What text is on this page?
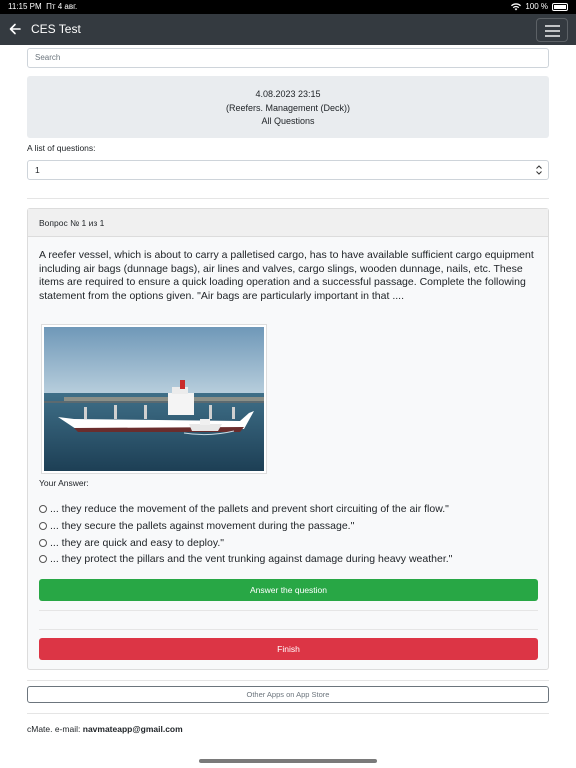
11:15 PM Пт 4 авг.	100 %
CES Test
Search
4.08.2023 23:15
(Reefers. Management (Deck))
All Questions
A list of questions:
1
Вопрос № 1 из 1
A reefer vessel, which is about to carry a palletised cargo, has to have available sufficient cargo equipment including air bags (dunnage bags), air lines and valves, cargo slings, wooden dunnage, nails, etc. These items are required to ensure a quick loading operation and a successful passage. Complete the following statement from the options given. "Air bags are particularly important in that ....
Your Answer:
... they reduce the movement of the pallets and prevent short circuiting of the air flow."
... they secure the pallets against movement during the passage."
... they are quick and easy to deploy."
... they protect the pillars and the vent trunking against damage during heavy weather."
Answer the question
Finish
Other Apps on App Store
cMate. e-mail: navmateapp@gmail.com
